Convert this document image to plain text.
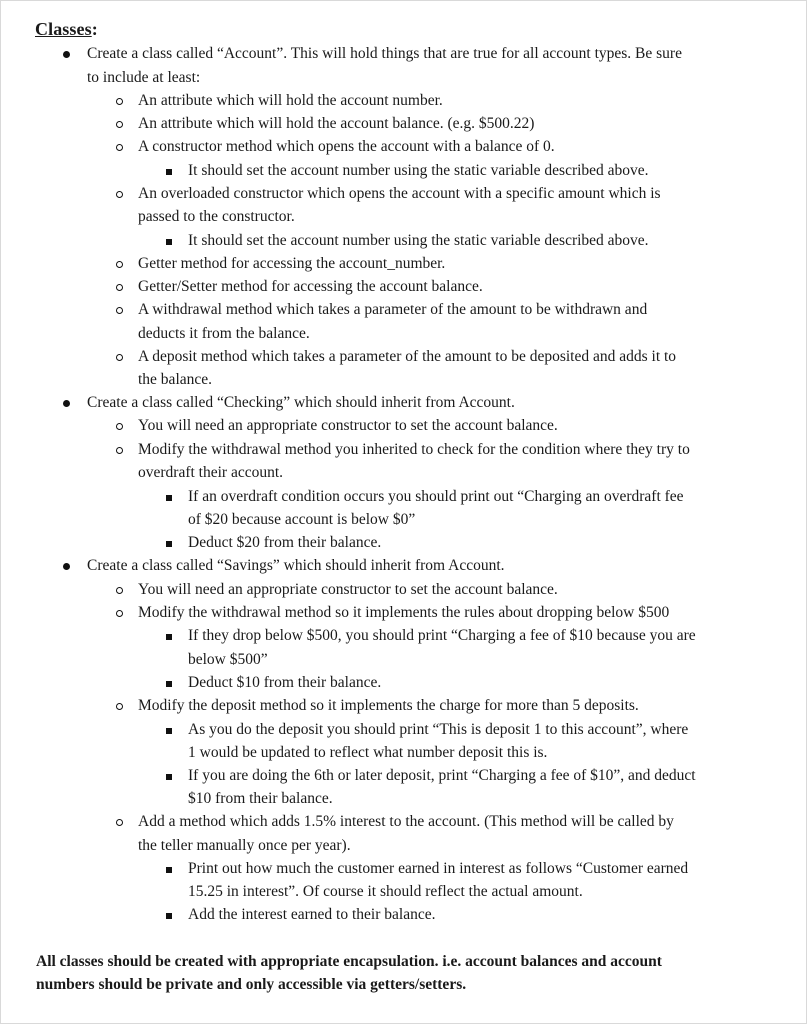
Classes:
Create a class called “Account”. This will hold things that are true for all account types. Be sure
to include at least:
An attribute which will hold the account number.
An attribute which will hold the account balance. (e.g. $500.22)
A constructor method which opens the account with a balance of 0.
It should set the account number using the static variable described above.
An overloaded constructor which opens the account with a specific amount which is
passed to the constructor.
It should set the account number using the static variable described above.
Getter method for accessing the account_number.
Getter/Setter method for accessing the account balance.
A withdrawal method which takes a parameter of the amount to be withdrawn and
deducts it from the balance.
A deposit method which takes a parameter of the amount to be deposited and adds it to
the balance.
Create a class called “Checking” which should inherit from Account.
You will need an appropriate constructor to set the account balance.
Modify the withdrawal method you inherited to check for the condition where they try to
overdraft their account.
If an overdraft condition occurs you should print out “Charging an overdraft fee
of $20 because account is below $0”
Deduct $20 from their balance.
Create a class called “Savings” which should inherit from Account.
You will need an appropriate constructor to set the account balance.
Modify the withdrawal method so it implements the rules about dropping below $500
If they drop below $500, you should print “Charging a fee of $10 because you are
below $500”
Deduct $10 from their balance.
Modify the deposit method so it implements the charge for more than 5 deposits.
As you do the deposit you should print “This is deposit 1 to this account”, where
1 would be updated to reflect what number deposit this is.
If you are doing the 6th or later deposit, print “Charging a fee of $10”, and deduct
$10 from their balance.
Add a method which adds 1.5% interest to the account. (This method will be called by
the teller manually once per year).
Print out how much the customer earned in interest as follows “Customer earned
15.25 in interest”. Of course it should reflect the actual amount.
Add the interest earned to their balance.
All classes should be created with appropriate encapsulation. i.e. account balances and account
numbers should be private and only accessible via getters/setters.
